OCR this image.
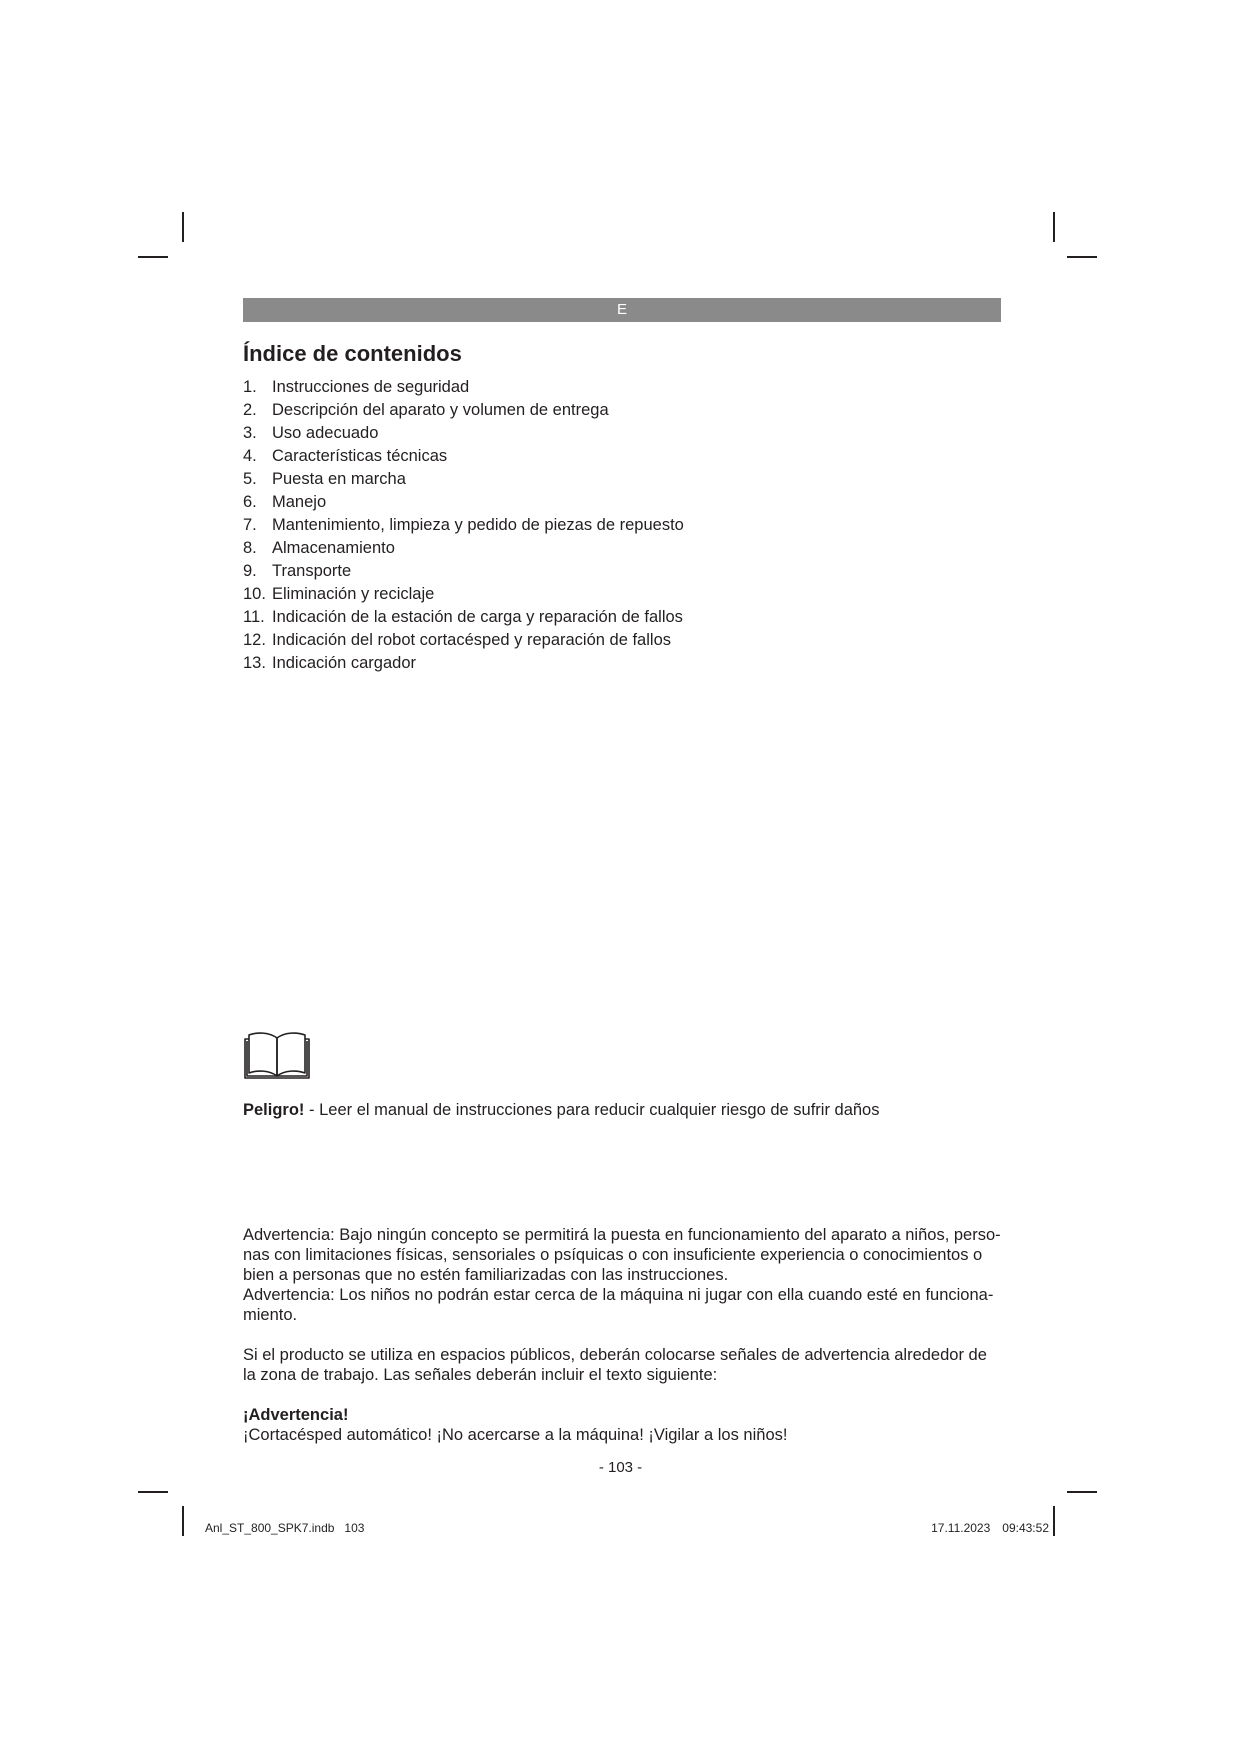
E
Índice de contenidos
1. Instrucciones de seguridad
2. Descripción del aparato y volumen de entrega
3. Uso adecuado
4. Características técnicas
5. Puesta en marcha
6. Manejo
7. Mantenimiento, limpieza y pedido de piezas de repuesto
8. Almacenamiento
9. Transporte
10. Eliminación y reciclaje
11. Indicación de la estación de carga y reparación de fallos
12. Indicación del robot cortacésped y reparación de fallos
13. Indicación cargador

Peligro! - Leer el manual de instrucciones para reducir cualquier riesgo de sufrir daños

Advertencia: Bajo ningún concepto se permitirá la puesta en funcionamiento del aparato a niños, perso-

nas con limitaciones físicas, sensoriales o psíquicas o con insuficiente experiencia o conocimientos o

bien a personas que no estén familiarizadas con las instrucciones.

Advertencia: Los niños no podrán estar cerca de la máquina ni jugar con ella cuando esté en funciona-

miento.

Si el producto se utiliza en espacios públicos, deberán colocarse señales de advertencia alrededor de

la zona de trabajo. Las señales deberán incluir el texto siguiente:

¡Advertencia!

¡Cortacésped automático! ¡No acercarse a la máquina! ¡Vigilar a los niños!

- 103 -
Anl_ST_800_SPK7.indb   103	17.11.2023 09:43:52
